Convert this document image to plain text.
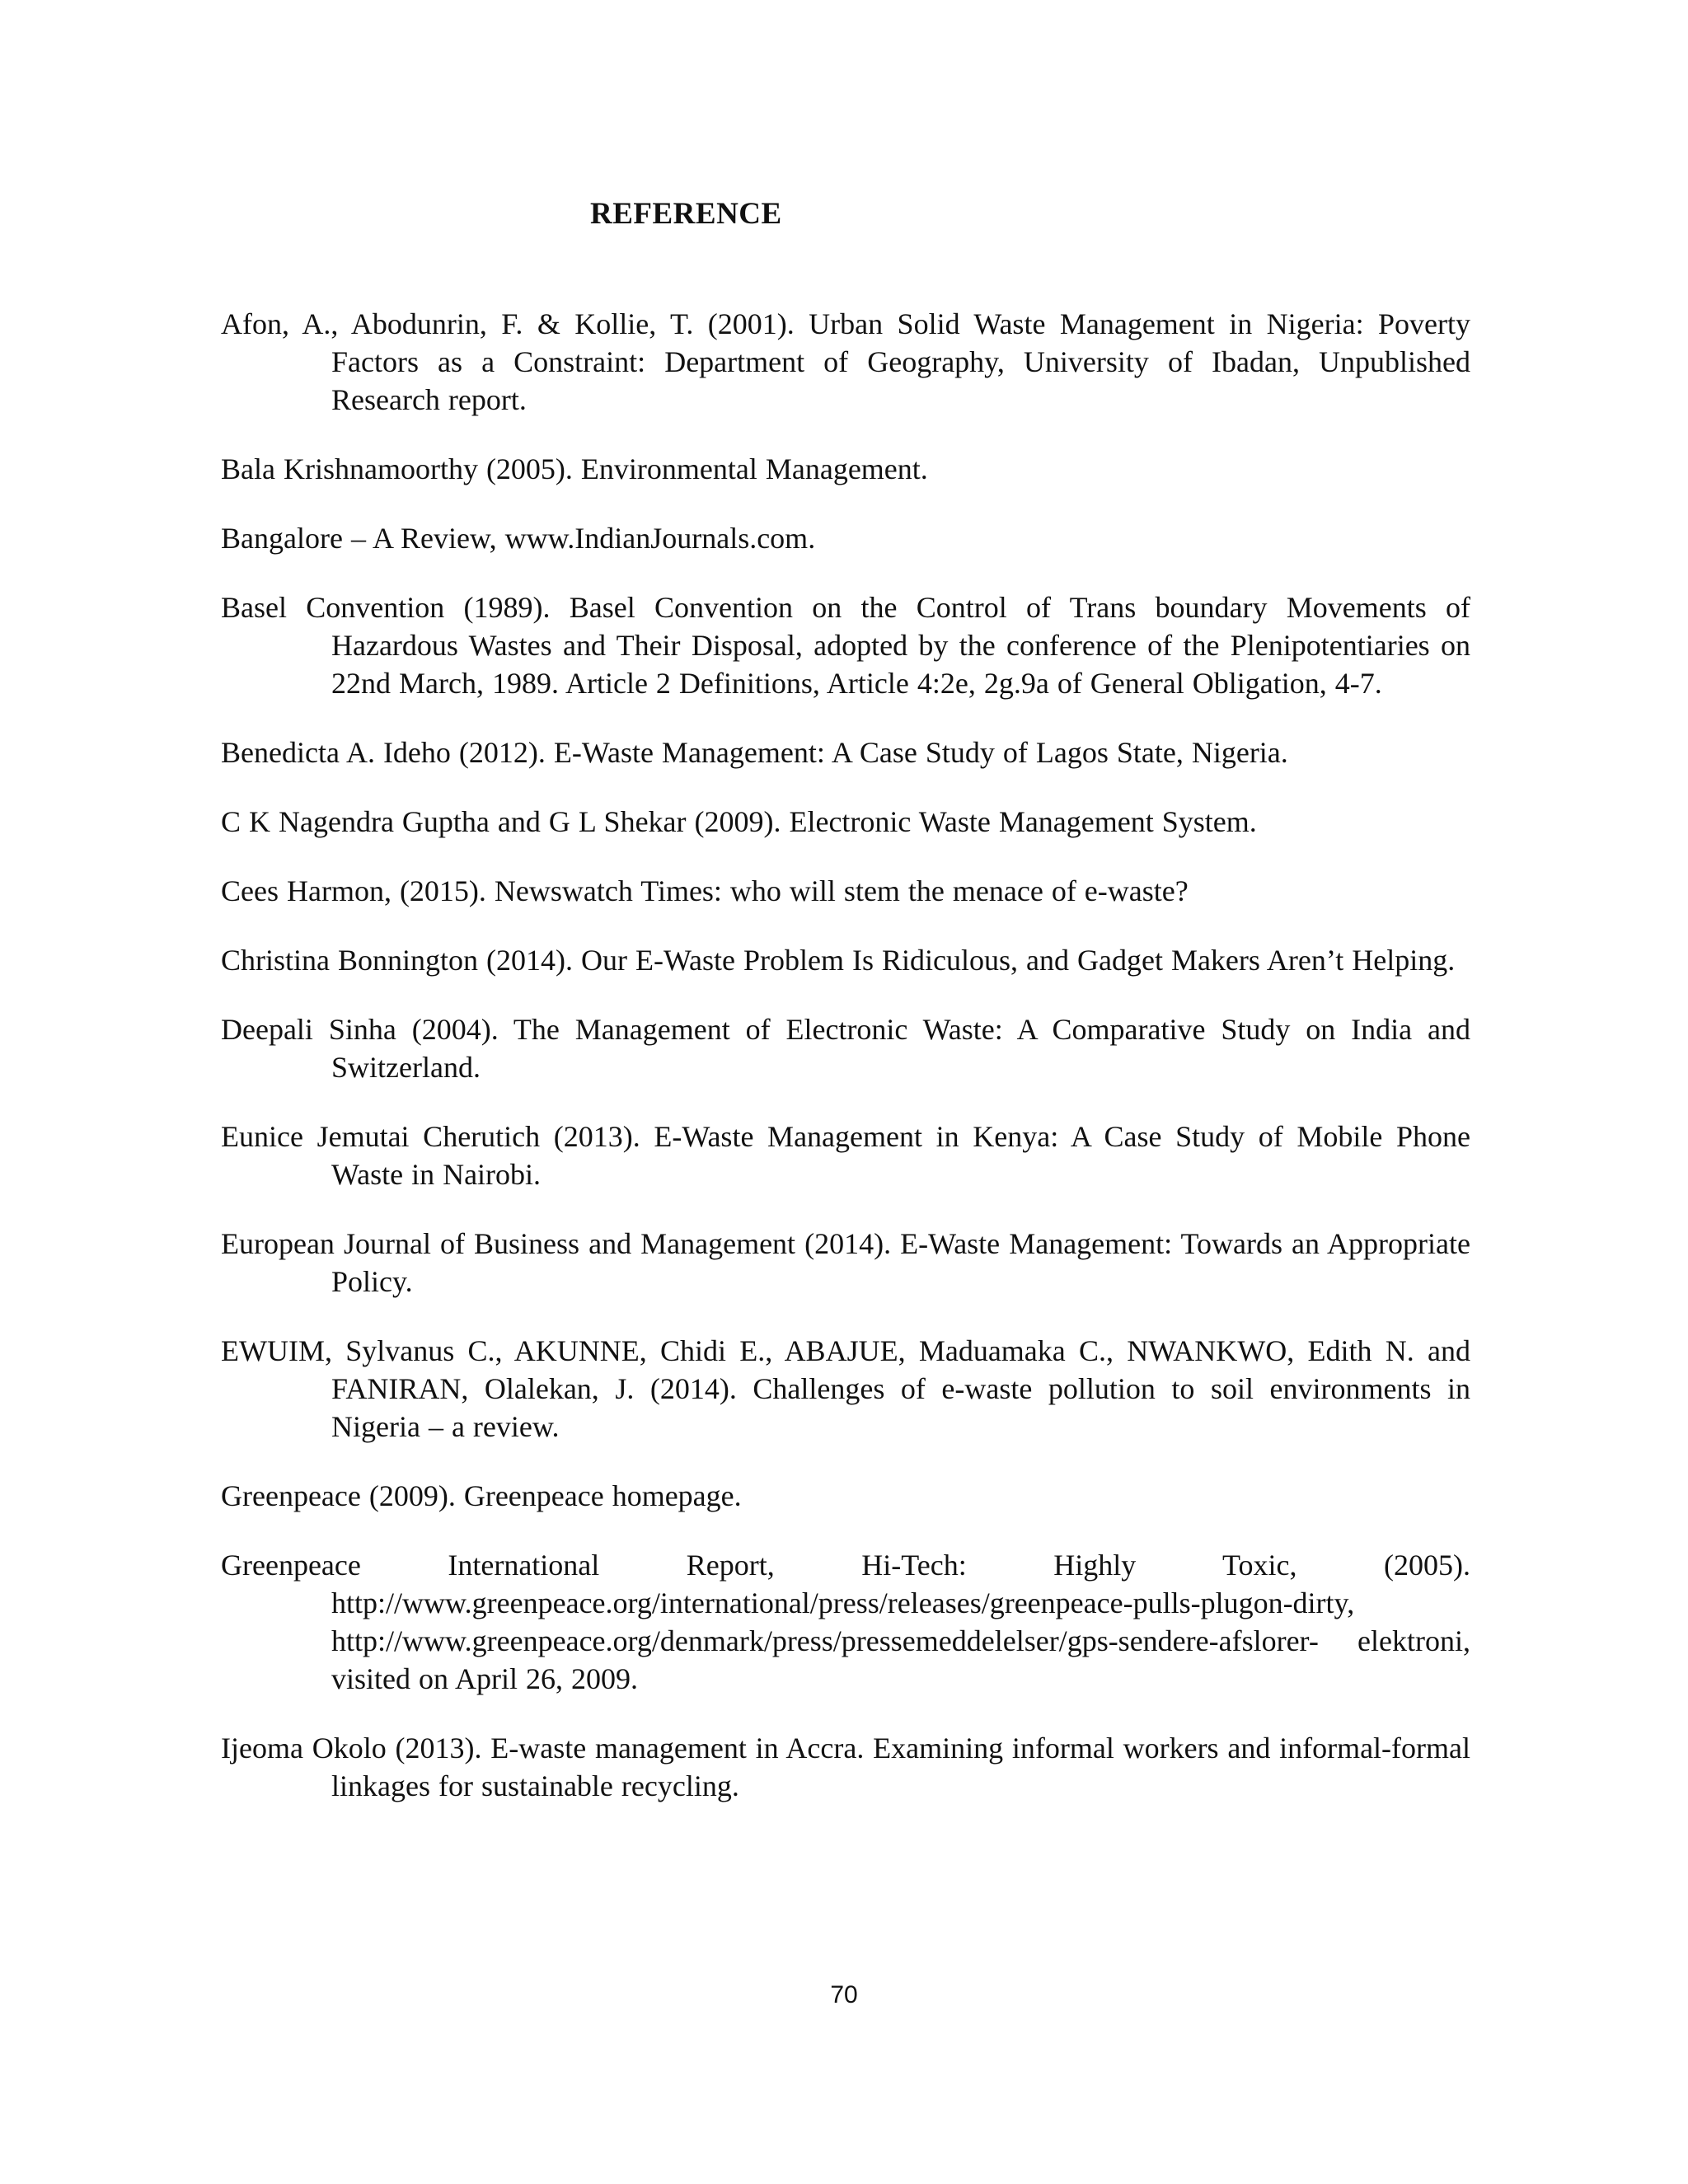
REFERENCE

Afon, A., Abodunrin, F. & Kollie, T. (2001). Urban Solid Waste Management in Nigeria: Poverty Factors as a Constraint: Department of Geography, University of Ibadan, Unpublished Research report.

Bala Krishnamoorthy (2005). Environmental Management.

Bangalore – A Review, www.IndianJournals.com.

Basel Convention (1989). Basel Convention on the Control of Trans boundary Movements of Hazardous Wastes and Their Disposal, adopted by the conference of the Plenipotentiaries on 22nd March, 1989. Article 2 Definitions, Article 4:2e, 2g.9a of General Obligation, 4-7.

Benedicta A. Ideho (2012). E-Waste Management: A Case Study of Lagos State, Nigeria.

C K Nagendra Guptha and G L Shekar (2009). Electronic Waste Management System.

Cees Harmon, (2015). Newswatch Times: who will stem the menace of e-waste?

Christina Bonnington (2014). Our E-Waste Problem Is Ridiculous, and Gadget Makers Aren’t Helping.

Deepali Sinha (2004). The Management of Electronic Waste: A Comparative Study on India and Switzerland.

Eunice Jemutai Cherutich (2013). E-Waste Management in Kenya: A Case Study of Mobile Phone Waste in Nairobi.

European Journal of Business and Management (2014). E-Waste Management: Towards an Appropriate Policy.

EWUIM, Sylvanus C., AKUNNE, Chidi E., ABAJUE, Maduamaka C., NWANKWO, Edith N. and FANIRAN, Olalekan, J. (2014). Challenges of e-waste pollution to soil environments in Nigeria – a review.

Greenpeace (2009). Greenpeace homepage.

Greenpeace International Report, Hi-Tech: Highly Toxic, (2005). http://www.greenpeace.org/international/press/releases/greenpeace-pulls-plugon-dirty, http://www.greenpeace.org/denmark/press/pressemeddelelser/gps-sendere-afslorer- elektroni, visited on April 26, 2009.

Ijeoma Okolo (2013). E-waste management in Accra. Examining informal workers and informal-formal linkages for sustainable recycling.

70
